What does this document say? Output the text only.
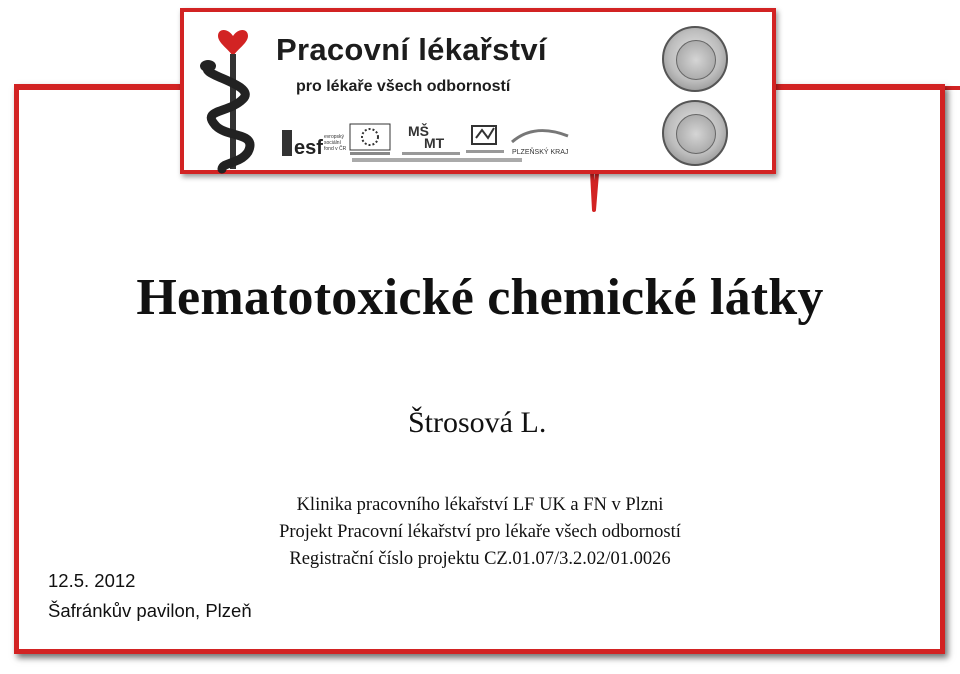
Pracovní lékařství
pro lékaře všech odborností
esf evropský
sociální
fond v ČR
MŠ
MT
PLZEŇSKÝ KRAJ
Hematotoxické chemické látky
Štrosová L.
Klinika pracovního lékařství LF UK a FN v Plzni
Projekt Pracovní lékařství pro lékaře všech odborností
Registrační číslo projektu CZ.01.07/3.2.02/01.0026
12.5. 2012
Šafránkův pavilon, Plzeň
